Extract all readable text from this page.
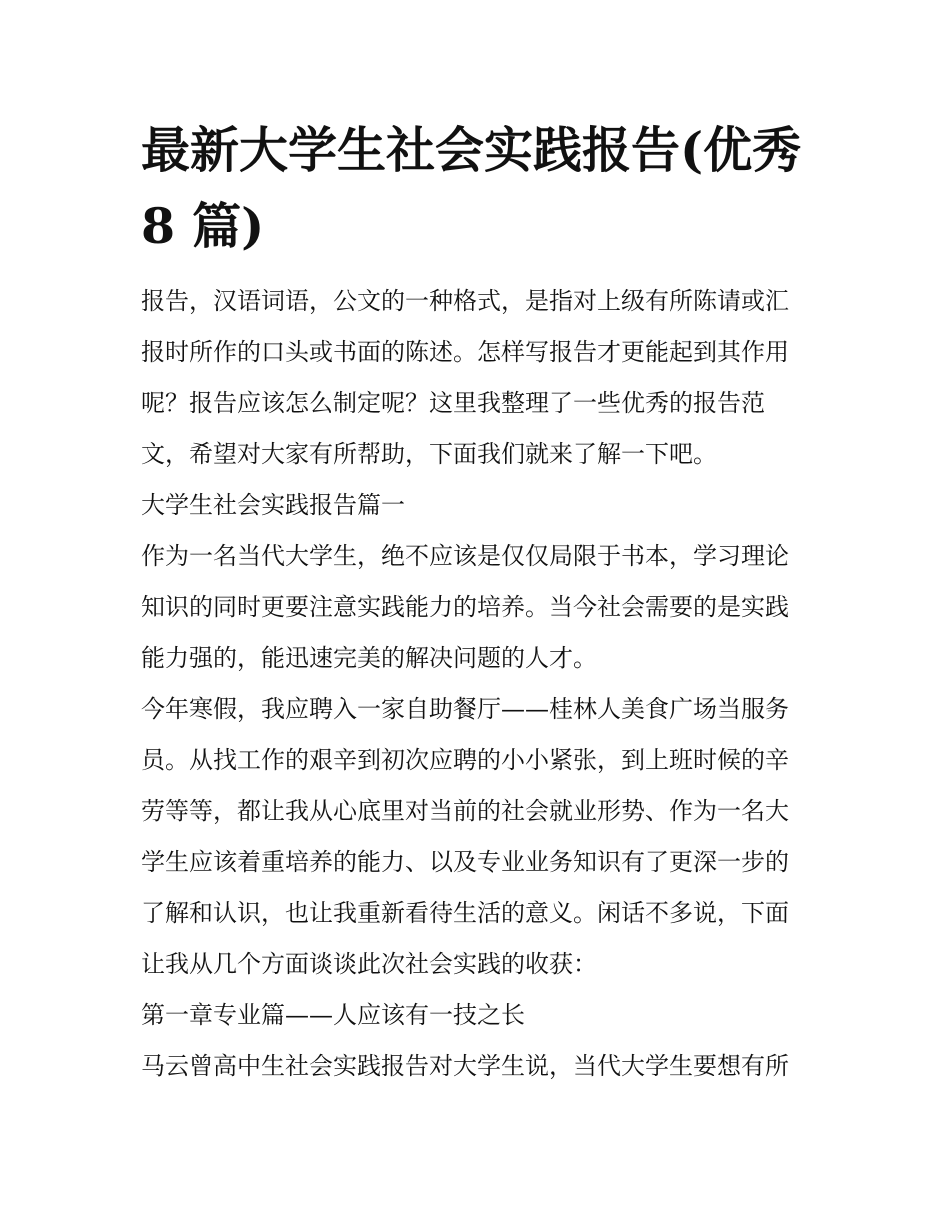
最新大学生社会实践报告(优秀
8 篇)
报告，汉语词语，公文的一种格式，是指对上级有所陈请或汇
报时所作的口头或书面的陈述。怎样写报告才更能起到其作用
呢？报告应该怎么制定呢？这里我整理了一些优秀的报告范
文，希望对大家有所帮助，下面我们就来了解一下吧。
大学生社会实践报告篇一
作为一名当代大学生，绝不应该是仅仅局限于书本，学习理论
知识的同时更要注意实践能力的培养。当今社会需要的是实践
能力强的，能迅速完美的解决问题的人才。
今年寒假，我应聘入一家自助餐厅——桂林人美食广场当服务
员。从找工作的艰辛到初次应聘的小小紧张，到上班时候的辛
劳等等，都让我从心底里对当前的社会就业形势、作为一名大
学生应该着重培养的能力、以及专业业务知识有了更深一步的
了解和认识，也让我重新看待生活的意义。闲话不多说，下面
让我从几个方面谈谈此次社会实践的收获：
第一章专业篇——人应该有一技之长
马云曾高中生社会实践报告对大学生说，当代大学生要想有所
